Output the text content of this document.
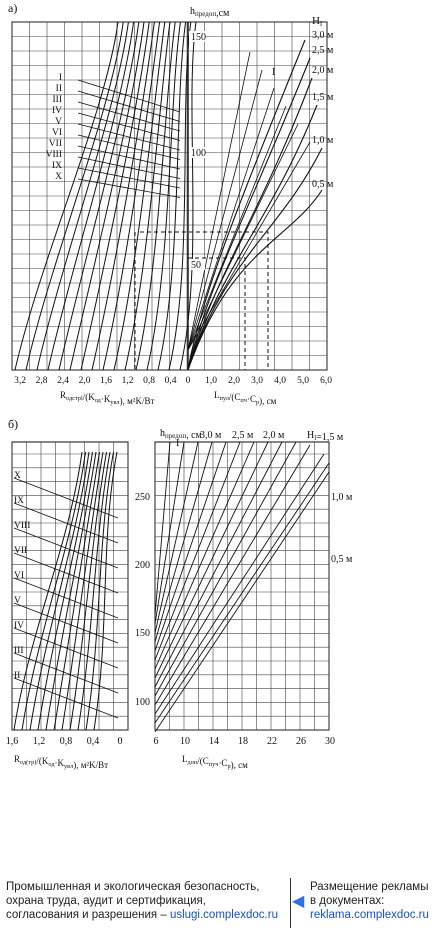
а)	$h_{предоп},см$
150
100
50
3,2 2,8 2,4 2,0 1,6 1,2 0,8 0,4 0 1,0 2,0 3,0 4,0 5,0 6,0
$R_{одстрl}/(K_{од}\cdot K_{увл})$, м²K/Вт
$L_{пул}/(C_{пч}\cdot C_р)$, см
I
II
III
IV
V
VI
VII
VIII
IX
X
I
Hl
3,0 м
2,5 м
2,0 м
1,5 м
1,0 м
0,5 м
б)
$h_{предоп}$, см
250
200
150
100
1,6 1,2 0,8 0,4 0	6 10 14 18 22 26 30
$R_{од(тр)}/(K_{од}\cdot K_{увл})$, м²K/Вт
$L_{доп}/(C_{пуч}\cdot C_р)$, см
X
IX
VIII
VII
VI
V
IV
III
II
I
3,0 м 2,5 м 2,0 м $H_l=1,5$ м
1,0 м
0,5 м
Промышленная и экологическая безопасность,
охрана труда, аудит и сертификация,
согласования и разрешения – uslugi.complexdoc.ru
◀
Размещение рекламы
в документах:
reklama.complexdoc.ru
